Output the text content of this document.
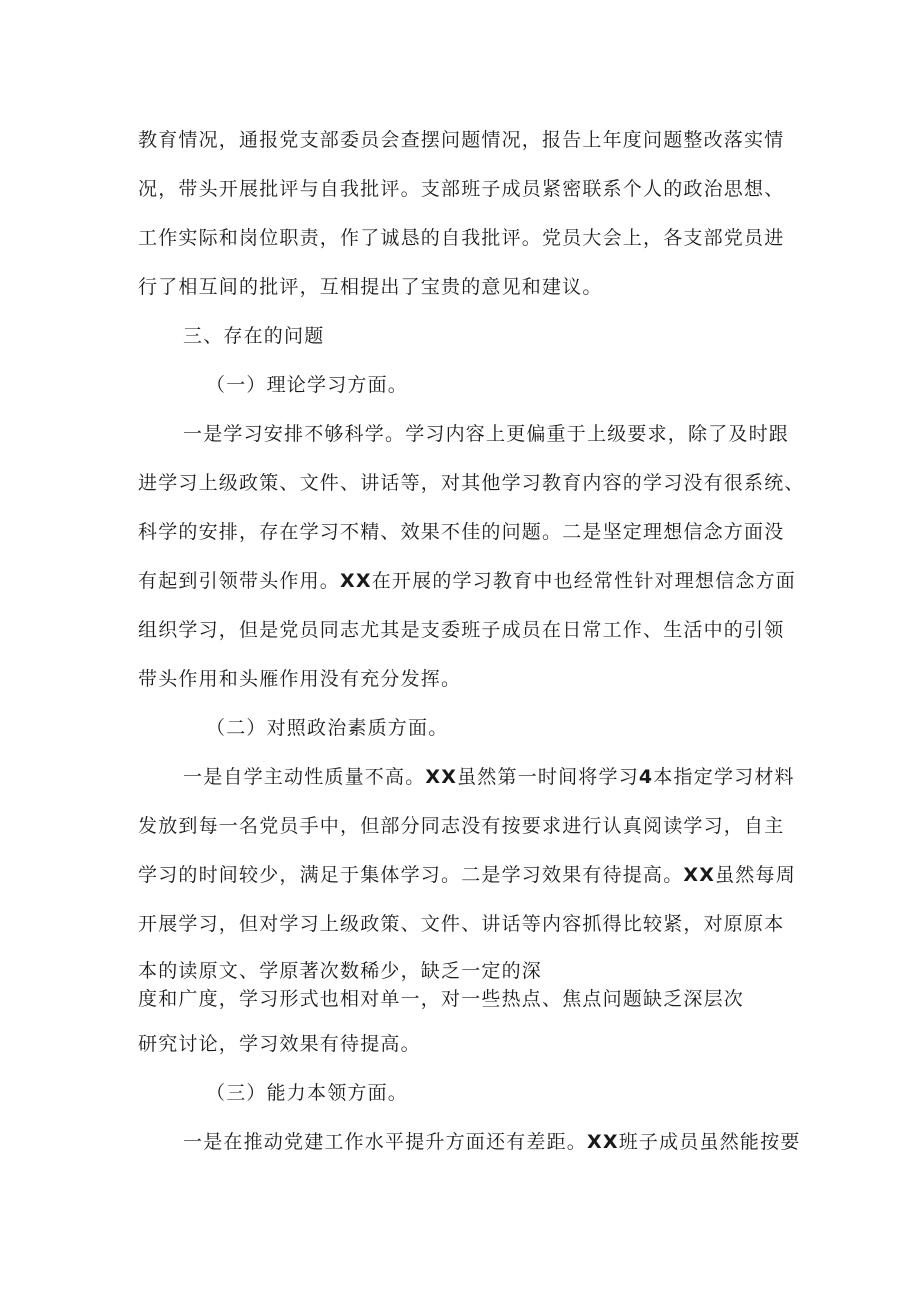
教育情况，通报党支部委员会查摆问题情况，报告上年度问题整改落实情
况，带头开展批评与自我批评。支部班子成员紧密联系个人的政治思想、
工作实际和岗位职责，作了诚恳的自我批评。党员大会上，各支部党员进
行了相互间的批评，互相提出了宝贵的意见和建议。
三、存在的问题
（一）理论学习方面。
一是学习安排不够科学。学习内容上更偏重于上级要求，除了及时跟
进学习上级政策、文件、讲话等，对其他学习教育内容的学习没有很系统、
科学的安排，存在学习不精、效果不佳的问题。二是坚定理想信念方面没
有起到引领带头作用。XX在开展的学习教育中也经常性针对理想信念方面
组织学习，但是党员同志尤其是支委班子成员在日常工作、生活中的引领
带头作用和头雁作用没有充分发挥。
（二）对照政治素质方面。
一是自学主动性质量不高。XX虽然第一时间将学习4本指定学习材料
发放到每一名党员手中，但部分同志没有按要求进行认真阅读学习，自主
学习的时间较少，满足于集体学习。二是学习效果有待提高。XX虽然每周
开展学习，但对学习上级政策、文件、讲话等内容抓得比较紧，对原原本
本的读原文、学原著次数稀少，缺乏一定的深
度和广度，学习形式也相对单一，对一些热点、焦点问题缺乏深层次
研究讨论，学习效果有待提高。
（三）能力本领方面。
一是在推动党建工作水平提升方面还有差距。XX班子成员虽然能按要
